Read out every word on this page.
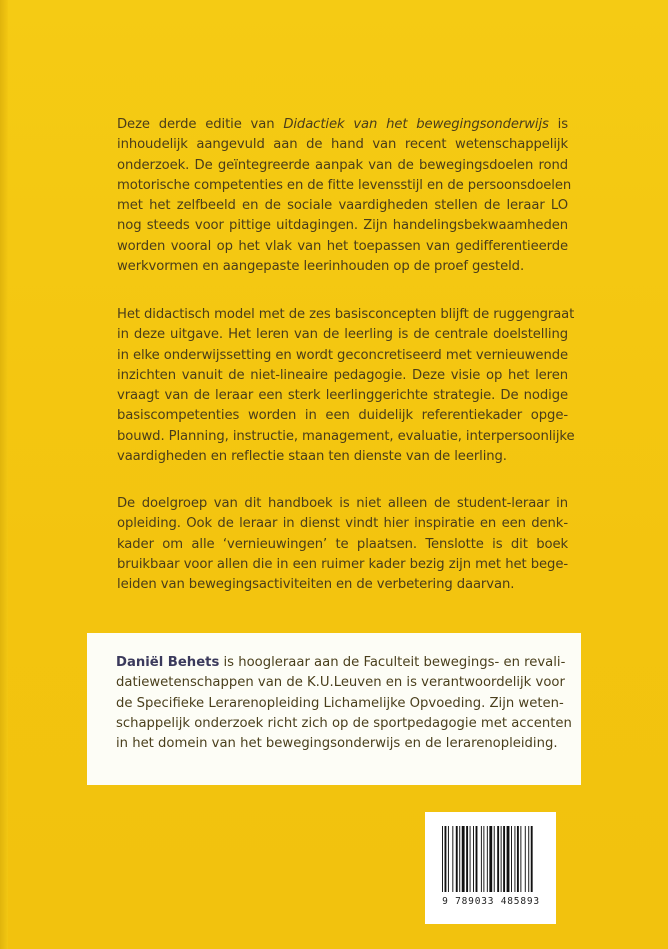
Deze derde editie van Didactiek van het bewegingsonderwijs is
inhoudelijk aangevuld aan de hand van recent wetenschappelijk
onderzoek. De geïntegreerde aanpak van de bewegingsdoelen rond
motorische competenties en de fitte levensstijl en de persoonsdoelen
met het zelfbeeld en de sociale vaardigheden stellen de leraar LO
nog steeds voor pittige uitdagingen. Zijn handelingsbekwaamheden
worden vooral op het vlak van het toepassen van gedifferentieerde
werkvormen en aangepaste leerinhouden op de proef gesteld.

Het didactisch model met de zes basisconcepten blijft de ruggengraat
in deze uitgave. Het leren van de leerling is de centrale doelstelling
in elke onderwijssetting en wordt geconcretiseerd met vernieuwende
inzichten vanuit de niet-lineaire pedagogie. Deze visie op het leren
vraagt van de leraar een sterk leerlinggerichte strategie. De nodige
basiscompetenties worden in een duidelijk referentiekader opge-
bouwd. Planning, instructie, management, evaluatie, interpersoonlijke
vaardigheden en reflectie staan ten dienste van de leerling.

De doelgroep van dit handboek is niet alleen de student-leraar in
opleiding. Ook de leraar in dienst vindt hier inspiratie en een denk-
kader om alle ‘vernieuwingen’ te plaatsen. Tenslotte is dit boek
bruikbaar voor allen die in een ruimer kader bezig zijn met het bege-
leiden van bewegingsactiviteiten en de verbetering daarvan.

Daniël Behets is hoogleraar aan de Faculteit bewegings- en revali-
datiewetenschappen van de K.U.Leuven en is verantwoordelijk voor
de Specifieke Lerarenopleiding Lichamelijke Opvoeding. Zijn weten-
schappelijk onderzoek richt zich op de sportpedagogie met accenten
in het domein van het bewegingsonderwijs en de lerarenopleiding.

9 789033 485893
